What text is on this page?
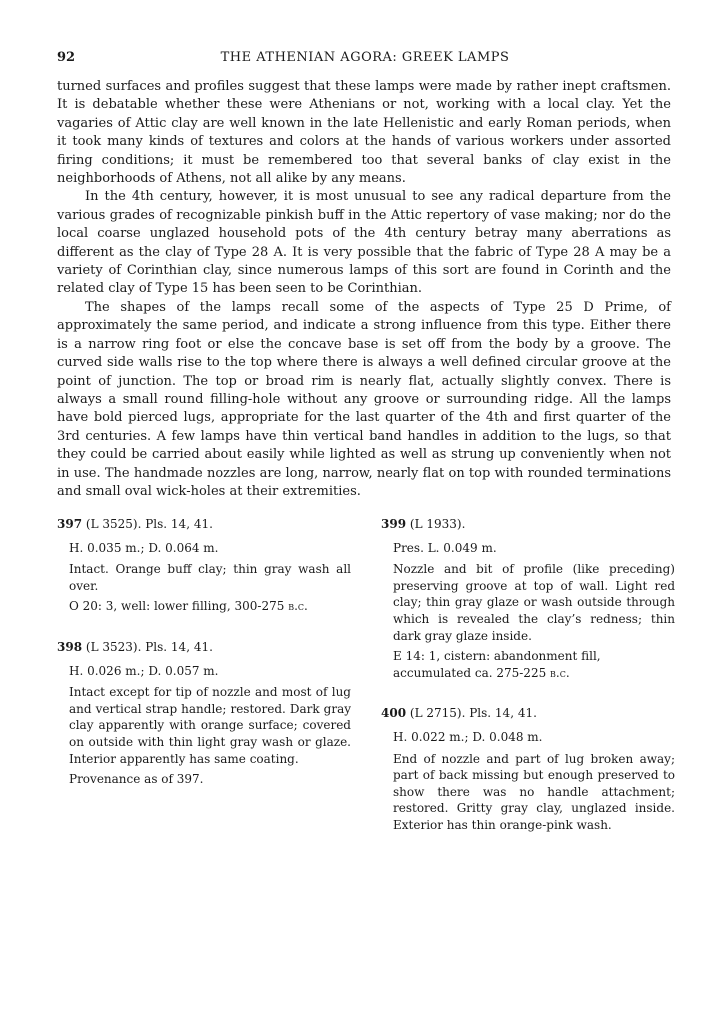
92	THE ATHENIAN AGORA: GREEK LAMPS

turned surfaces and profiles suggest that these lamps were made by rather inept craftsmen. It is debatable whether these were Athenians or not, working with a local clay. Yet the vagaries of Attic clay are well known in the late Hellenistic and early Roman periods, when it took many kinds of textures and colors at the hands of various workers under assorted firing conditions; it must be remembered too that several banks of clay exist in the neighborhoods of Athens, not all alike by any means.

In the 4th century, however, it is most unusual to see any radical departure from the various grades of recognizable pinkish buff in the Attic repertory of vase making; nor do the local coarse unglazed household pots of the 4th century betray many aberrations as different as the clay of Type 28 A. It is very possible that the fabric of Type 28 A may be a variety of Corinthian clay, since numerous lamps of this sort are found in Corinth and the related clay of Type 15 has been seen to be Corinthian.

The shapes of the lamps recall some of the aspects of Type 25 D Prime, of approximately the same period, and indicate a strong influence from this type. Either there is a narrow ring foot or else the concave base is set off from the body by a groove. The curved side walls rise to the top where there is always a well defined circular groove at the point of junction. The top or broad rim is nearly flat, actually slightly convex. There is always a small round filling-hole without any groove or surrounding ridge. All the lamps have bold pierced lugs, appropriate for the last quarter of the 4th and first quarter of the 3rd centuries. A few lamps have thin vertical band handles in addition to the lugs, so that they could be carried about easily while lighted as well as strung up conveniently when not in use. The handmade nozzles are long, narrow, nearly flat on top with rounded terminations and small oval wick-holes at their extremities.

397 (L 3525). Pls. 14, 41.

H. 0.035 m.; D. 0.064 m.

Intact. Orange buff clay; thin gray wash all over.

O 20: 3, well: lower filling, 300-275 b.c.

398 (L 3523). Pls. 14, 41.

H. 0.026 m.; D. 0.057 m.

Intact except for tip of nozzle and most of lug and vertical strap handle; restored. Dark gray clay apparently with orange surface; covered on outside with thin light gray wash or glaze. Interior apparently has same coating.

Provenance as of 397.

399 (L 1933).

Pres. L. 0.049 m.

Nozzle and bit of profile (like preceding) preserving groove at top of wall. Light red clay; thin gray glaze or wash outside through which is revealed the clay’s redness; thin dark gray glaze inside.

E 14: 1, cistern: abandonment fill, accumulated ca. 275-225 b.c.

400 (L 2715). Pls. 14, 41.

H. 0.022 m.; D. 0.048 m.

End of nozzle and part of lug broken away; part of back missing but enough preserved to show there was no handle attachment; restored. Gritty gray clay, unglazed inside. Exterior has thin orange-pink wash.
